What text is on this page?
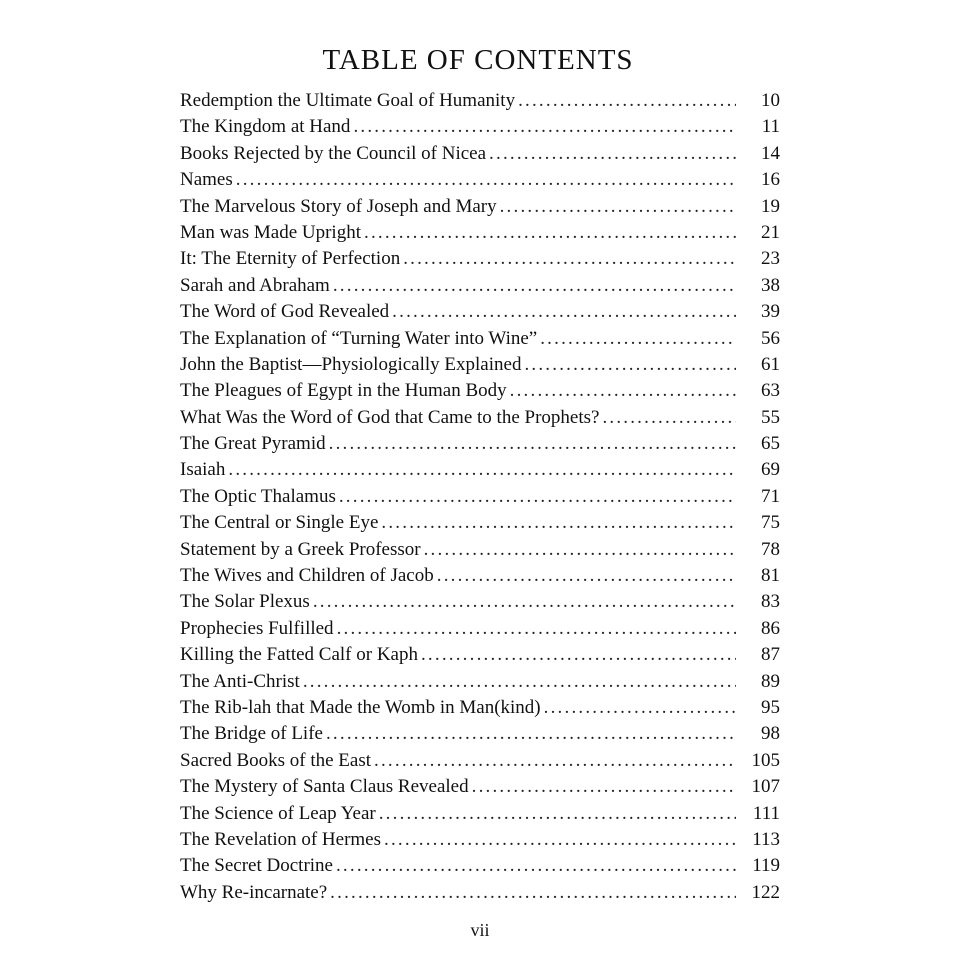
TABLE OF CONTENTS
Redemption the Ultimate Goal of Humanity .....	10
The Kingdom at Hand .....	11
Books Rejected by the Council of Nicea .....	14
Names .....	16
The Marvelous Story of Joseph and Mary .....	19
Man was Made Upright .....	21
It: The Eternity of Perfection .....	23
Sarah and Abraham .....	38
The Word of God Revealed .....	39
The Explanation of “Turning Water into Wine” .....	56
John the Baptist—Physiologically Explained .....	61
The Pleagues of Egypt in the Human Body .....	63
What Was the Word of God that Came to the Prophets? .....	55
The Great Pyramid .....	65
Isaiah .....	69
The Optic Thalamus .....	71
The Central or Single Eye .....	75
Statement by a Greek Professor .....	78
The Wives and Children of Jacob .....	81
The Solar Plexus .....	83
Prophecies Fulfilled .....	86
Killing the Fatted Calf or Kaph .....	87
The Anti-Christ .....	89
The Rib-lah that Made the Womb in Man(kind) .....	95
The Bridge of Life .....	98
Sacred Books of the East .....	105
The Mystery of Santa Claus Revealed .....	107
The Science of Leap Year .....	111
The Revelation of Hermes .....	113
The Secret Doctrine .....	119
Why Re-incarnate? .....	122
vii
